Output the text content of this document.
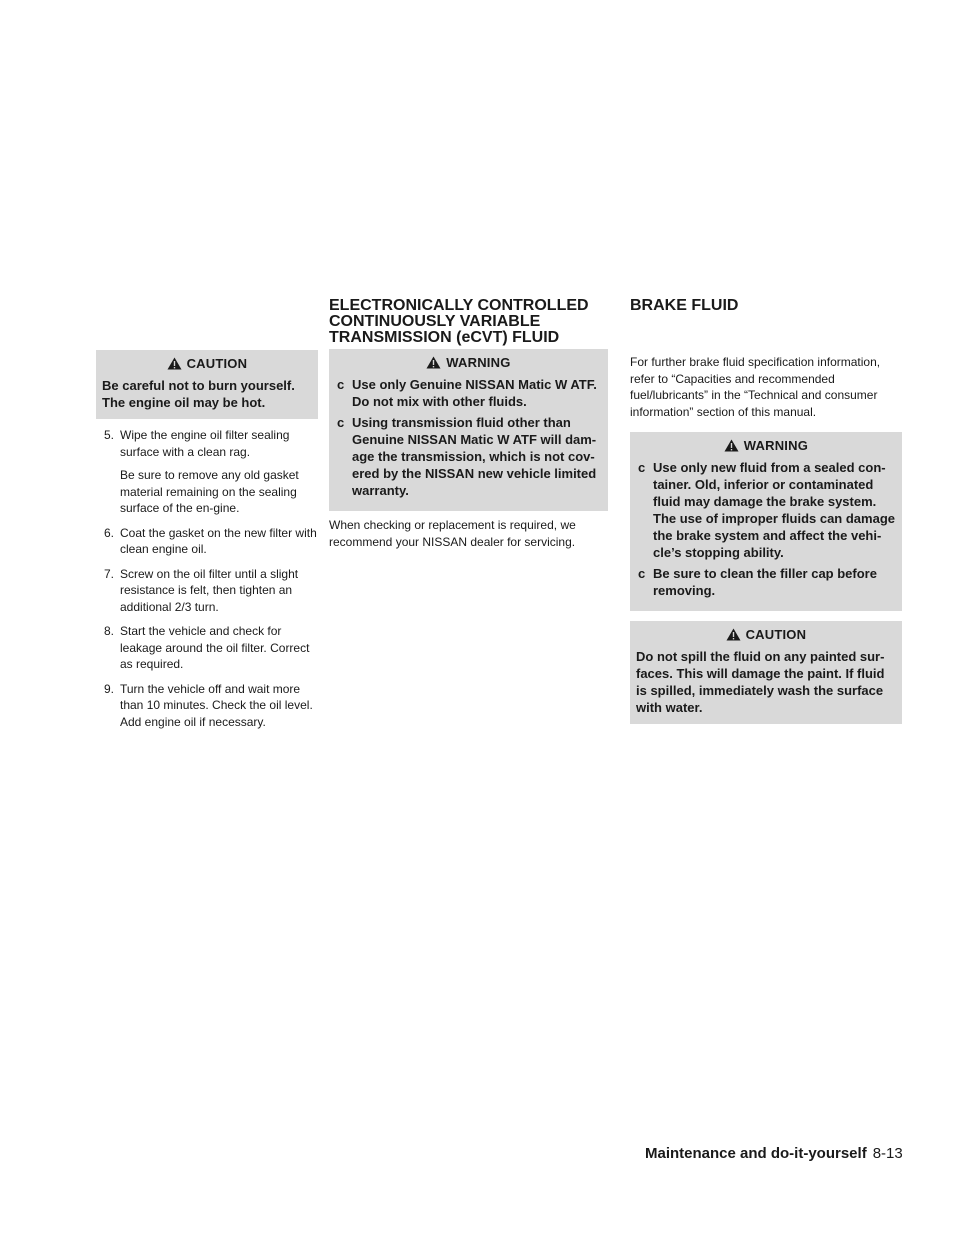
CAUTION
Be careful not to burn yourself. The engine oil may be hot.
5. Wipe the engine oil filter sealing surface with a clean rag.
Be sure to remove any old gasket material remaining on the sealing surface of the en-gine.
6. Coat the gasket on the new filter with clean engine oil.
7. Screw on the oil filter until a slight resistance is felt, then tighten an additional 2/3 turn.
8. Start the vehicle and check for leakage around the oil filter. Correct as required.
9. Turn the vehicle off and wait more than 10 minutes. Check the oil level. Add engine oil if necessary.
ELECTRONICALLY CONTROLLED
CONTINUOUSLY VARIABLE
TRANSMISSION (eCVT) FLUID
WARNING
c Use only Genuine NISSAN Matic W ATF. Do not mix with other fluids.
c Using transmission fluid other than Genuine NISSAN Matic W ATF will dam-age the transmission, which is not cov-ered by the NISSAN new vehicle limited warranty.
When checking or replacement is required, we recommend your NISSAN dealer for servicing.
BRAKE FLUID
For further brake fluid specification information, refer to “Capacities and recommended fuel/lubricants” in the “Technical and consumer information” section of this manual.
WARNING
c Use only new fluid from a sealed con-tainer. Old, inferior or contaminated fluid may damage the brake system. The use of improper fluids can damage the brake system and affect the vehi-cle’s stopping ability.
c Be sure to clean the filler cap before removing.
CAUTION
Do not spill the fluid on any painted sur-faces. This will damage the paint. If fluid is spilled, immediately wash the surface with water.
Maintenance and do-it-yourself 8-13
